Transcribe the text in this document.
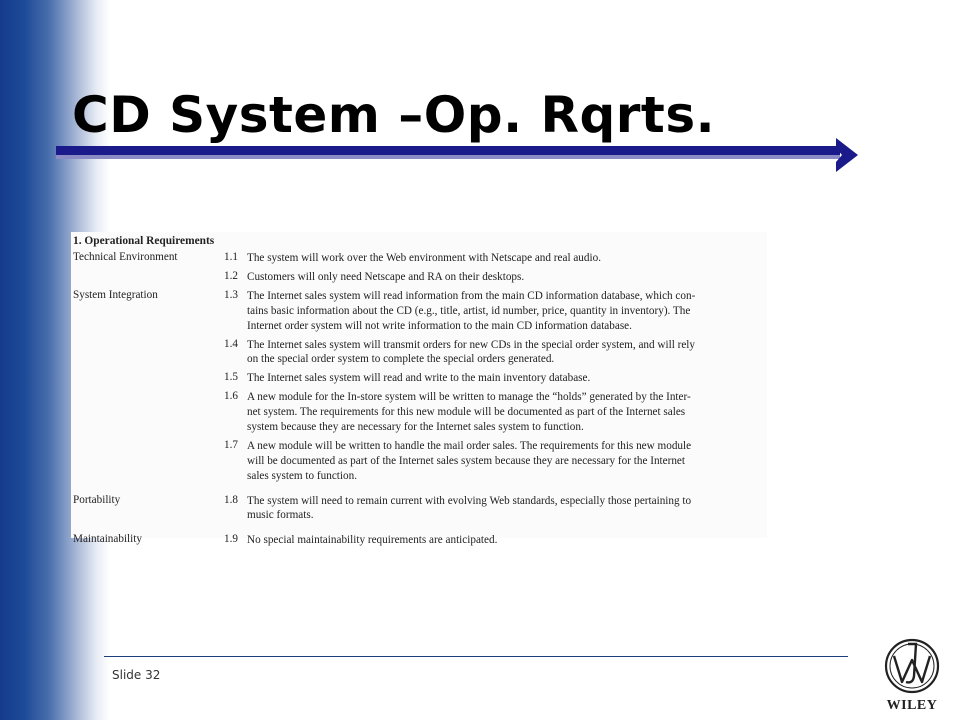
CD System –Op. Rqrts.
1. Operational Requirements
Technical Environment	1.1 The system will work over the Web environment with Netscape and real audio.
1.2 Customers will only need Netscape and RA on their desktops.
System Integration	1.3 The Internet sales system will read information from the main CD information database, which con-
tains basic information about the CD (e.g., title, artist, id number, price, quantity in inventory). The
Internet order system will not write information to the main CD information database.
1.4 The Internet sales system will transmit orders for new CDs in the special order system, and will rely
on the special order system to complete the special orders generated.
1.5 The Internet sales system will read and write to the main inventory database.
1.6 A new module for the In-store system will be written to manage the “holds” generated by the Inter-
net system. The requirements for this new module will be documented as part of the Internet sales
system because they are necessary for the Internet sales system to function.
1.7 A new module will be written to handle the mail order sales. The requirements for this new module
will be documented as part of the Internet sales system because they are necessary for the Internet
sales system to function.
Portability	1.8 The system will need to remain current with evolving Web standards, especially those pertaining to
music formats.
Maintainability	1.9 No special maintainability requirements are anticipated.
Slide 32
WILEY
